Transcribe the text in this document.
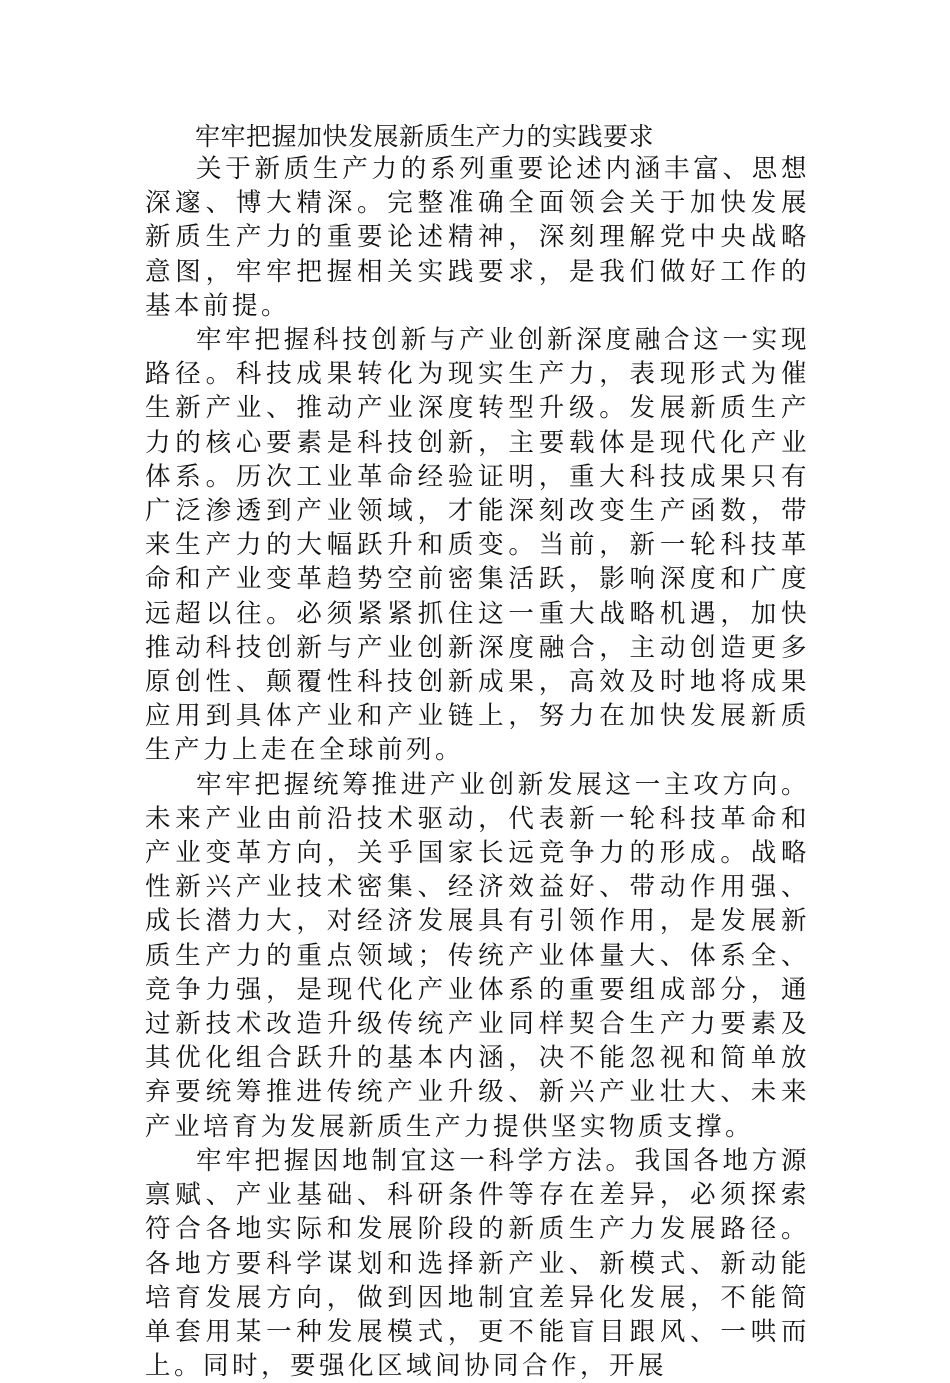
牢牢把握加快发展新质生产力的实践要求

关于新质生产力的系列重要论述内涵丰富、思想深邃、博大精深。完整准确全面领会关于加快发展新质生产力的重要论述精神，深刻理解党中央战略意图，牢牢把握相关实践要求，是我们做好工作的基本前提。

牢牢把握科技创新与产业创新深度融合这一实现路径。科技成果转化为现实生产力，表现形式为催生新产业、推动产业深度转型升级。发展新质生产力的核心要素是科技创新，主要载体是现代化产业体系。历次工业革命经验证明，重大科技成果只有广泛渗透到产业领域，才能深刻改变生产函数，带来生产力的大幅跃升和质变。当前，新一轮科技革命和产业变革趋势空前密集活跃，影响深度和广度远超以往。必须紧紧抓住这一重大战略机遇，加快推动科技创新与产业创新深度融合，主动创造更多原创性、颠覆性科技创新成果，高效及时地将成果应用到具体产业和产业链上，努力在加快发展新质生产力上走在全球前列。

牢牢把握统筹推进产业创新发展这一主攻方向。未来产业由前沿技术驱动，代表新一轮科技革命和产业变革方向，关乎国家长远竞争力的形成。战略性新兴产业技术密集、经济效益好、带动作用强、成长潜力大，对经济发展具有引领作用，是发展新质生产力的重点领域；传统产业体量大、体系全、竞争力强，是现代化产业体系的重要组成部分，通过新技术改造升级传统产业同样契合生产力要素及其优化组合跃升的基本内涵，决不能忽视和简单放弃要统筹推进传统产业升级、新兴产业壮大、未来产业培育为发展新质生产力提供坚实物质支撑。

牢牢把握因地制宜这一科学方法。我国各地方源禀赋、产业基础、科研条件等存在差异，必须探索符合各地实际和发展阶段的新质生产力发展路径。各地方要科学谋划和选择新产业、新模式、新动能培育发展方向，做到因地制宜差异化发展，不能简单套用某一种发展模式，更不能盲目跟风、一哄而上。同时，要强化区域间协同合作，开展
